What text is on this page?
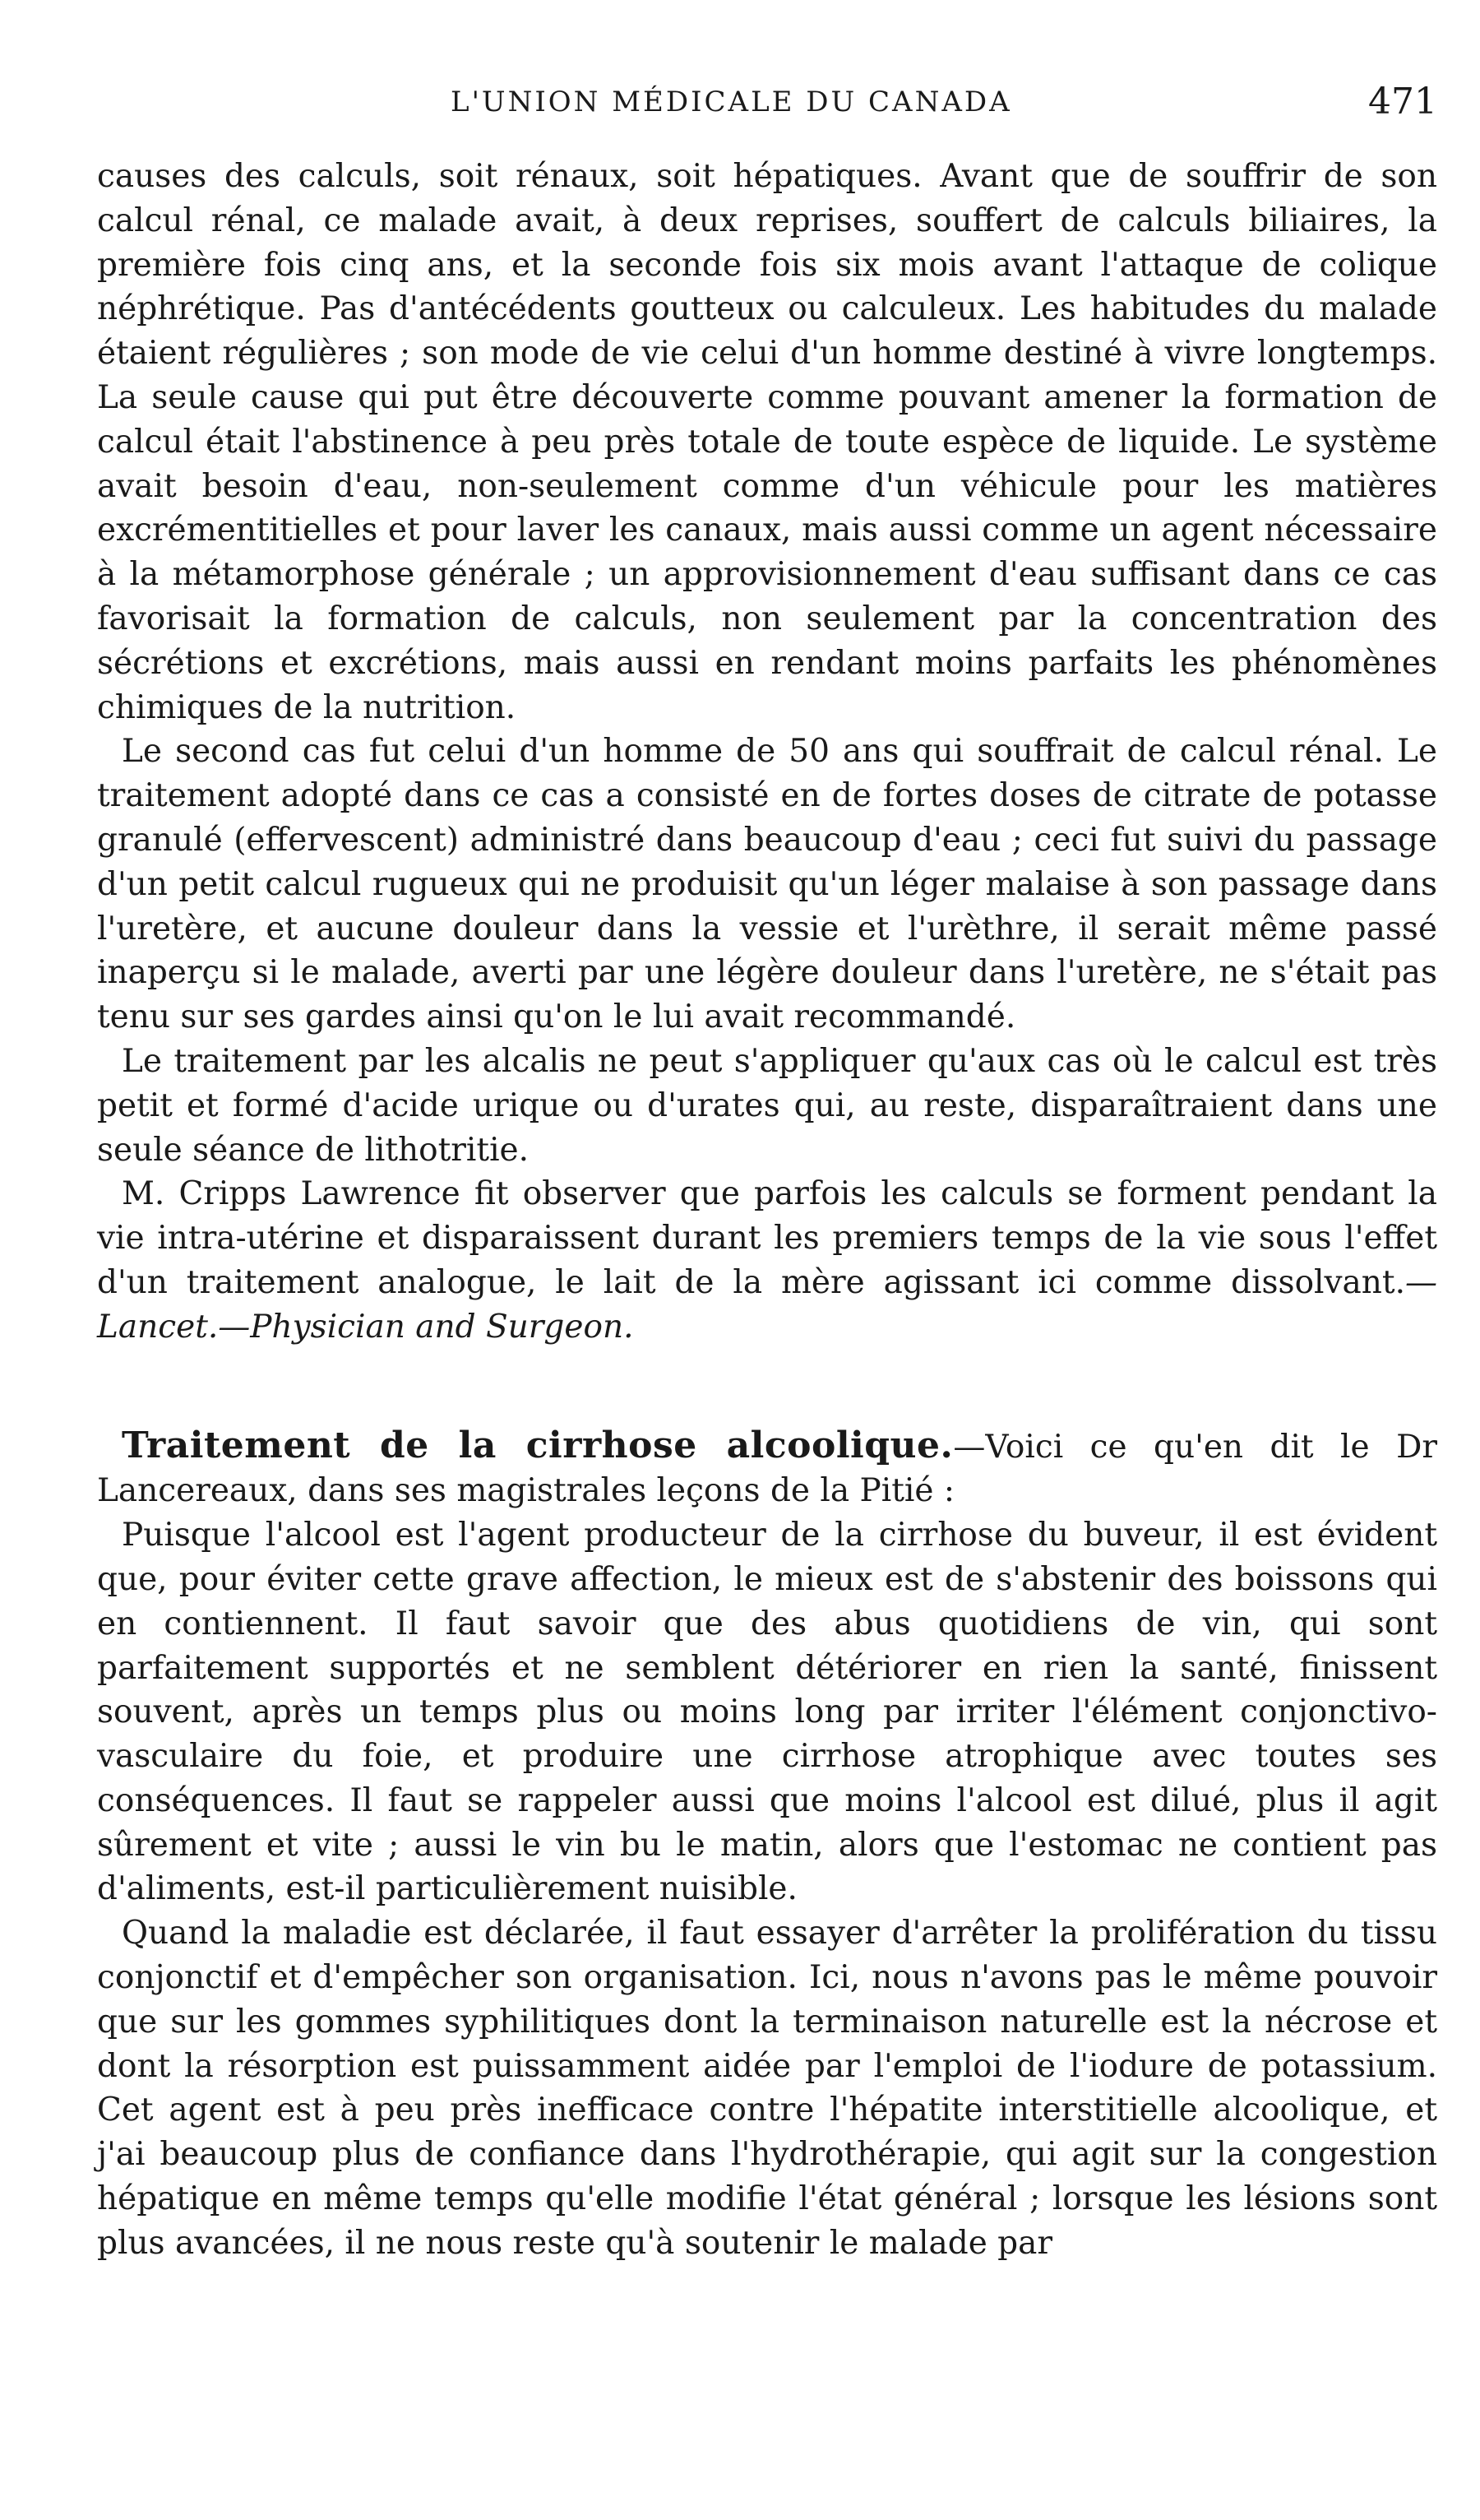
L'UNION MÉDICALE DU CANADA	471

causes des calculs, soit rénaux, soit hépatiques. Avant que de souffrir de son calcul rénal, ce malade avait, à deux reprises, souffert de calculs biliaires, la première fois cinq ans, et la seconde fois six mois avant l'attaque de colique néphrétique. Pas d'antécédents goutteux ou calculeux. Les habitudes du malade étaient régulières ; son mode de vie celui d'un homme destiné à vivre longtemps. La seule cause qui put être découverte comme pouvant amener la formation de calcul était l'abstinence à peu près totale de toute espèce de liquide. Le système avait besoin d'eau, non-seulement comme d'un véhicule pour les matières excrémentitielles et pour laver les canaux, mais aussi comme un agent nécessaire à la métamorphose générale ; un approvisionnement d'eau suffisant dans ce cas favorisait la formation de calculs, non seulement par la concentration des sécrétions et excrétions, mais aussi en rendant moins parfaits les phénomènes chimiques de la nutrition.

Le second cas fut celui d'un homme de 50 ans qui souffrait de calcul rénal. Le traitement adopté dans ce cas a consisté en de fortes doses de citrate de potasse granulé (effervescent) administré dans beaucoup d'eau ; ceci fut suivi du passage d'un petit calcul rugueux qui ne produisit qu'un léger malaise à son passage dans l'uretère, et aucune douleur dans la vessie et l'urèthre, il serait même passé inaperçu si le malade, averti par une légère douleur dans l'uretère, ne s'était pas tenu sur ses gardes ainsi qu'on le lui avait recommandé.

Le traitement par les alcalis ne peut s'appliquer qu'aux cas où le calcul est très petit et formé d'acide urique ou d'urates qui, au reste, disparaîtraient dans une seule séance de lithotritie.

M. Cripps Lawrence fit observer que parfois les calculs se forment pendant la vie intra-utérine et disparaissent durant les premiers temps de la vie sous l'effet d'un traitement analogue, le lait de la mère agissant ici comme dissolvant.—Lancet.—Physician and Surgeon.

Traitement de la cirrhose alcoolique.—Voici ce qu'en dit le Dr Lancereaux, dans ses magistrales leçons de la Pitié :

Puisque l'alcool est l'agent producteur de la cirrhose du buveur, il est évident que, pour éviter cette grave affection, le mieux est de s'abstenir des boissons qui en contiennent. Il faut savoir que des abus quotidiens de vin, qui sont parfaitement supportés et ne semblent détériorer en rien la santé, finissent souvent, après un temps plus ou moins long par irriter l'élément conjonctivo-vasculaire du foie, et produire une cirrhose atrophique avec toutes ses conséquences. Il faut se rappeler aussi que moins l'alcool est dilué, plus il agit sûrement et vite ; aussi le vin bu le matin, alors que l'estomac ne contient pas d'aliments, est-il particulièrement nuisible.

Quand la maladie est déclarée, il faut essayer d'arrêter la prolifération du tissu conjonctif et d'empêcher son organisation. Ici, nous n'avons pas le même pouvoir que sur les gommes syphilitiques dont la terminaison naturelle est la nécrose et dont la résorption est puissamment aidée par l'emploi de l'iodure de potassium. Cet agent est à peu près inefficace contre l'hépatite interstitielle alcoolique, et j'ai beaucoup plus de confiance dans l'hydrothérapie, qui agit sur la congestion hépatique en même temps qu'elle modifie l'état général ; lorsque les lésions sont plus avancées, il ne nous reste qu'à soutenir le malade par
